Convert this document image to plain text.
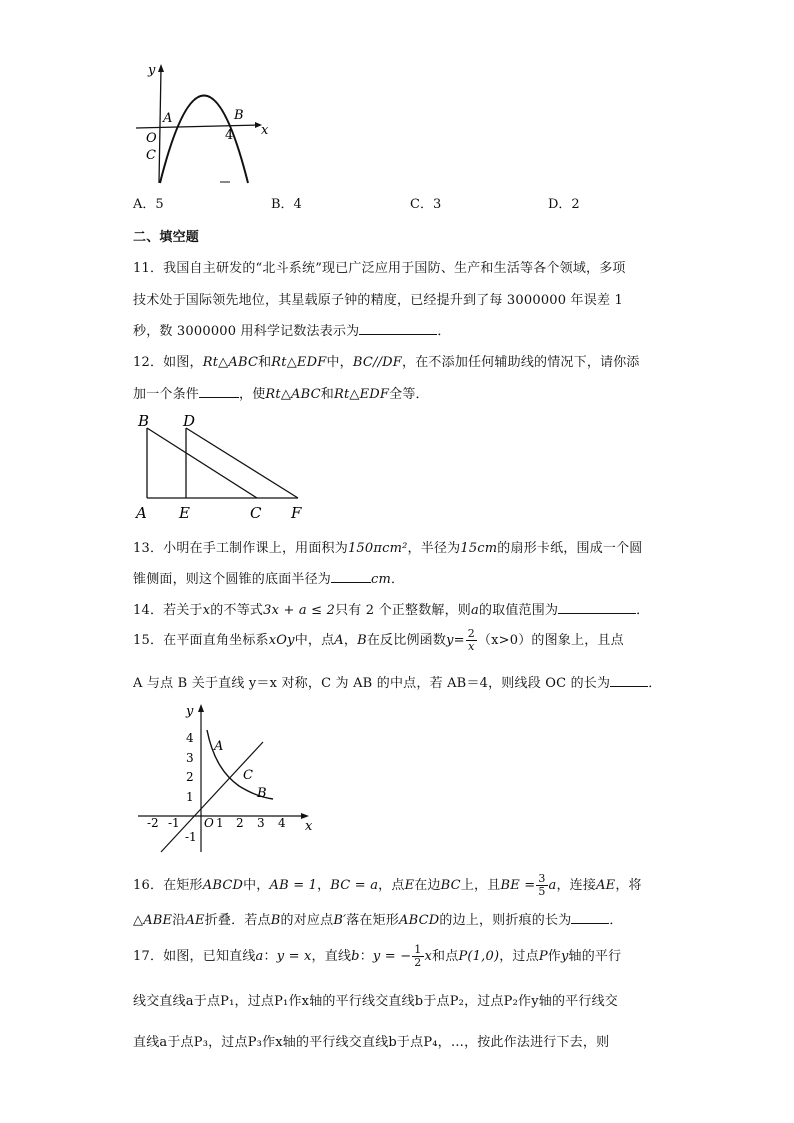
y
x
A	B
O
C
4
A．5	B．4	C．3	D．2
二、填空题
11．我国自主研发的“北斗系统”现已广泛应用于国防、生产和生活等各个领域，多项
技术处于国际领先地位，其星载原子钟的精度，已经提升到了每 3000000 年误差 1
秒，数 3000000 用科学记数法表示为	．
12．如图，Rt△ABC和Rt△EDF中，BC//DF，在不添加任何辅助线的情况下，请你添
加一个条件	，使Rt△ABC和Rt△EDF全等．
B D
A E	C F
13．小明在手工制作课上，用面积为150πcm²，半径为15cm的扇形卡纸，围成一个圆
锥侧面，则这个圆锥的底面半径为	cm．
14．若关于x的不等式3x + a ≤ 2只有 2 个正整数解，则a的取值范围为	．
15．在平面直角坐标系xOy中，点A，B在反比例函数$y= \frac{2}{x} (x>0)$的图象上，且点
A 与点 B 关于直线 y＝x 对称，C 为 AB 的中点，若 AB＝4，则线段 OC 的长为	．
y
x
O
A
C
B
-2 -1	1 2 3 4
4
3
2
1
-1
16．在矩形ABCD中，AB = 1，BC = a，点E在边BC上，且BE = $\frac{3}{5}$ a，连接AE，将
△ABE沿AE折叠．若点B的对应点B′落在矩形ABCD的边上，则折痕的长为	．
17．如图，已知直线a：y = x，直线b：y = − $\frac{1}{2}$ x和点P(1,0)，过点P作y轴的平行
线交直线a于点P₁，过点P₁作x轴的平行线交直线b于点P₂，过点P₂作y轴的平行线交
直线a于点P₃，过点P₃作x轴的平行线交直线b于点P₄，…，按此作法进行下去，则
